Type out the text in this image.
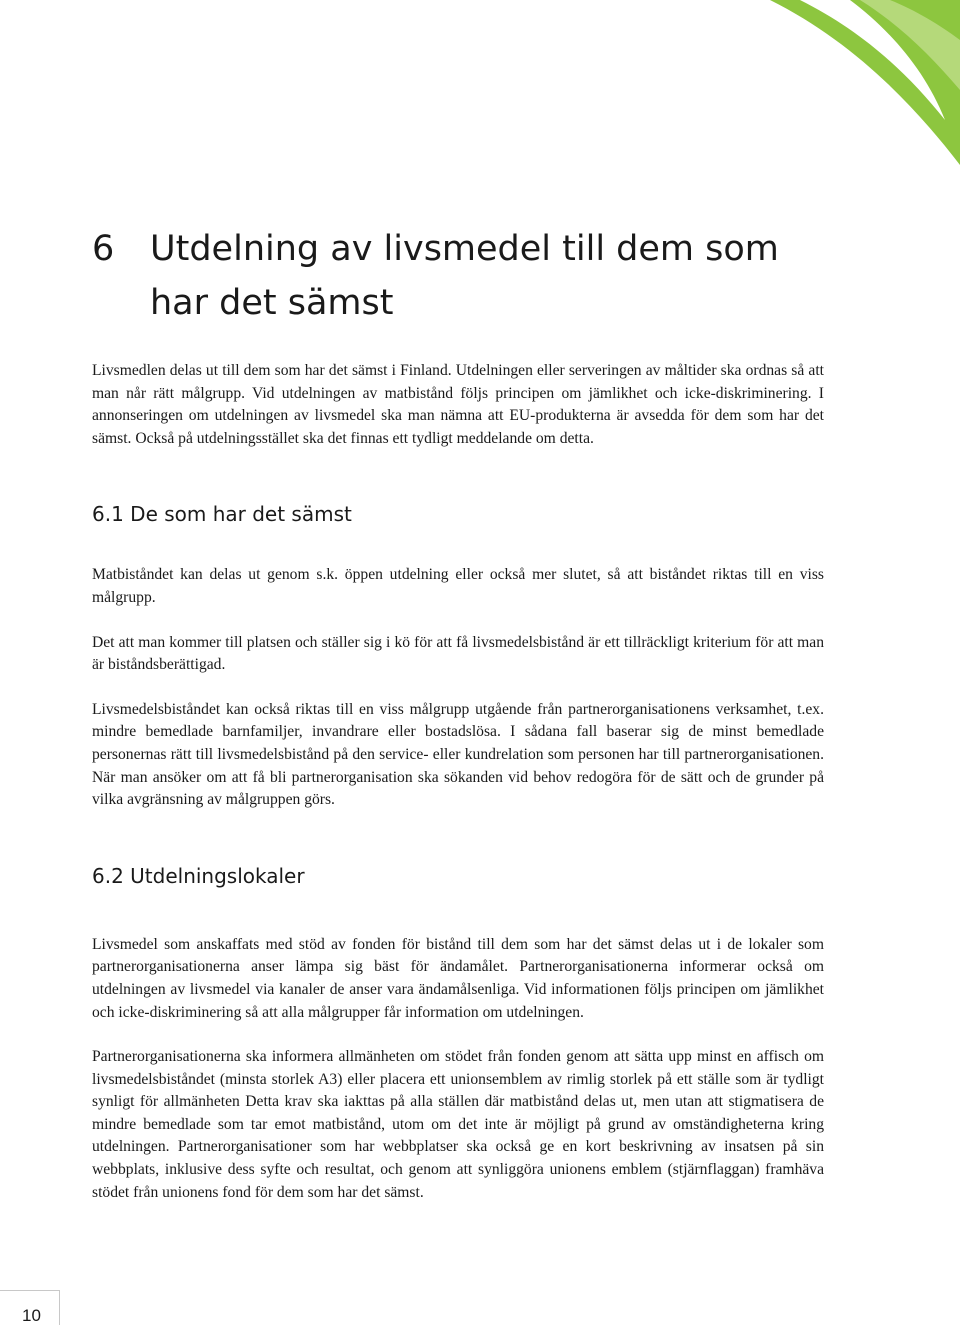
6	Utdelning av livsmedel till dem som har det sämst

Livsmedlen delas ut till dem som har det sämst i Finland. Utdelningen eller serveringen av måltider ska ordnas så att man når rätt målgrupp. Vid utdelningen av matbistånd följs principen om jämlikhet och icke-diskriminering. I annonseringen om utdelningen av livsmedel ska man nämna att EU-produkterna är avsedda för dem som har det sämst. Också på utdelningsstället ska det finnas ett tydligt meddelande om detta.

6.1 De som har det sämst

Matbiståndet kan delas ut genom s.k. öppen utdelning eller också mer slutet, så att biståndet riktas till en viss målgrupp.

Det att man kommer till platsen och ställer sig i kö för att få livsmedelsbistånd är ett tillräckligt kriterium för att man är biståndsberättigad.

Livsmedelsbiståndet kan också riktas till en viss målgrupp utgående från partnerorganisationens verksamhet, t.ex. mindre bemedlade barnfamiljer, invandrare eller bostadslösa. I sådana fall baserar sig de minst bemedlade personernas rätt till livsmedelsbistånd på den service- eller kundrelation som personen har till partnerorganisationen. När man ansöker om att få bli partnerorganisation ska sökanden vid behov redogöra för de sätt och de grunder på vilka avgränsning av målgruppen görs.

6.2 Utdelningslokaler

Livsmedel som anskaffats med stöd av fonden för bistånd till dem som har det sämst delas ut i de lokaler som partnerorganisationerna anser lämpa sig bäst för ändamålet. Partnerorganisationerna informerar också om utdelningen av livsmedel via kanaler de anser vara ändamålsenliga. Vid informationen följs principen om jämlikhet och icke-diskriminering så att alla målgrupper får information om utdelningen.

Partnerorganisationerna ska informera allmänheten om stödet från fonden genom att sätta upp minst en affisch om livsmedelsbiståndet (minsta storlek A3) eller placera ett unionsemblem av rimlig storlek på ett ställe som är tydligt synligt för allmänheten Detta krav ska iakttas på alla ställen där matbistånd delas ut, men utan att stigmatisera de mindre bemedlade som tar emot matbistånd, utom om det inte är möjligt på grund av omständigheterna kring utdelningen. Partnerorganisationer som har webbplatser ska också ge en kort beskrivning av insatsen på sin webbplats, inklusive dess syfte och resultat, och genom att synliggöra unionens emblem (stjärnflaggan) framhäva stödet från unionens fond för dem som har det sämst.

10
